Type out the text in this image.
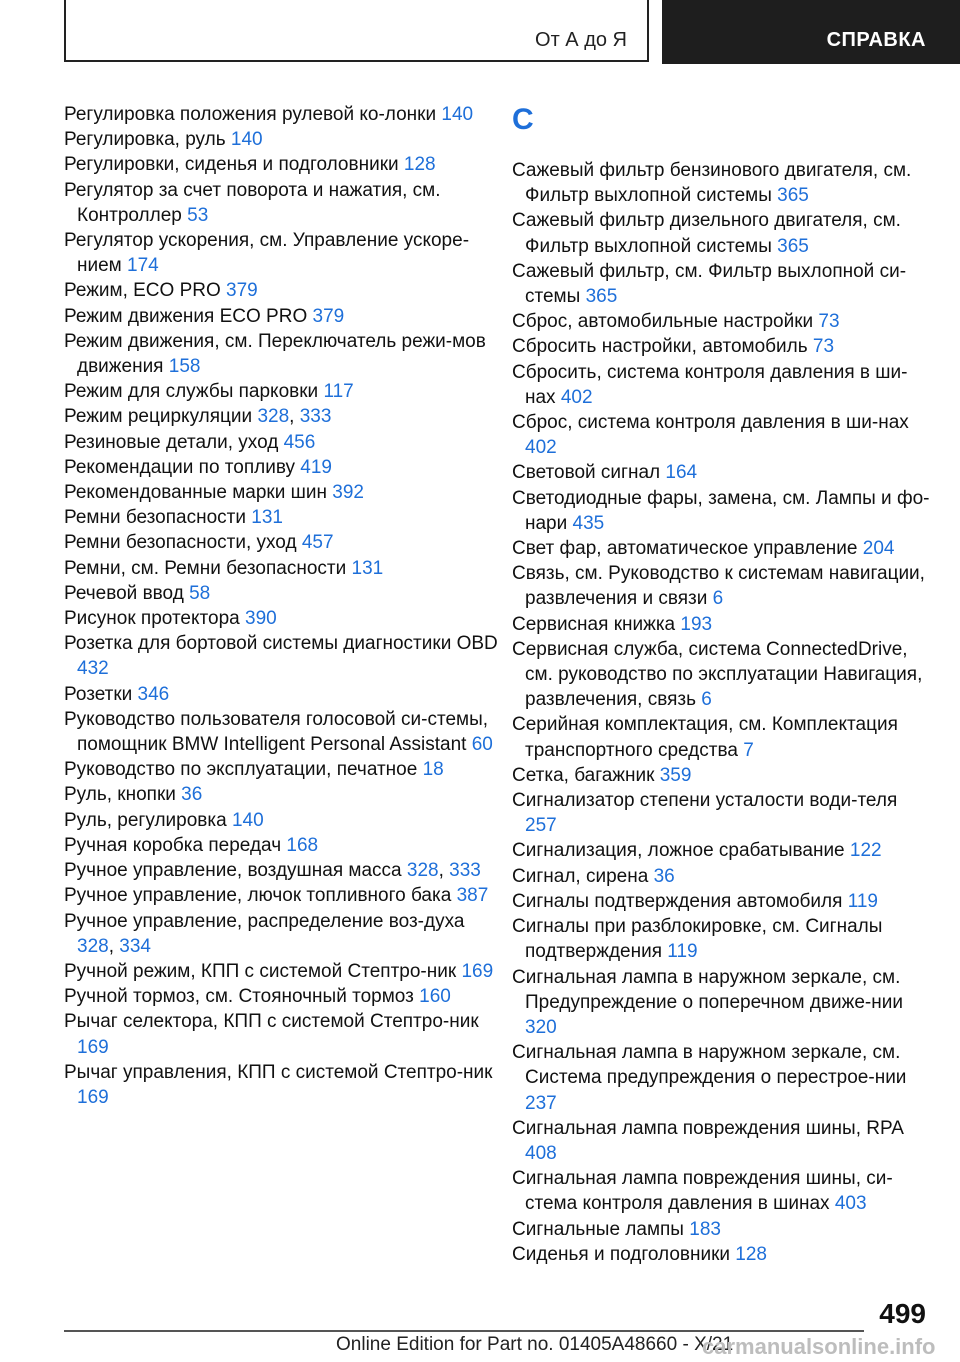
От А до Я	СПРАВКА

Регулировка положения рулевой ко-лонки 140

Регулировка, руль 140

Регулировки, сиденья и подголовники 128

Регулятор за счет поворота и нажатия, см. Контроллер 53

Регулятор ускорения, см. Управление ускоре-нием 174

Режим, ECO PRO 379

Режим движения ECO PRO 379

Режим движения, см. Переключатель режи-мов движения 158

Режим для службы парковки 117

Режим рециркуляции 328, 333

Резиновые детали, уход 456

Рекомендации по топливу 419

Рекомендованные марки шин 392

Ремни безопасности 131

Ремни безопасности, уход 457

Ремни, см. Ремни безопасности 131

Речевой ввод 58

Рисунок протектора 390

Розетка для бортовой системы диагностики OBD 432

Розетки 346

Руководство пользователя голосовой си-стемы, помощник BMW Intelligent Personal Assistant 60

Руководство по эксплуатации, печатное 18

Руль, кнопки 36

Руль, регулировка 140

Ручная коробка передач 168

Ручное управление, воздушная масса 328, 333

Ручное управление, лючок топливного бака 387

Ручное управление, распределение воз-духа 328, 334

Ручной режим, КПП с системой Стептро-ник 169

Ручной тормоз, см. Стояночный тормоз 160

Рычаг селектора, КПП с системой Стептро-ник 169

Рычаг управления, КПП с системой Стептро-ник 169

С

Сажевый фильтр бензинового двигателя, см. Фильтр выхлопной системы 365

Сажевый фильтр дизельного двигателя, см. Фильтр выхлопной системы 365

Сажевый фильтр, см. Фильтр выхлопной си-стемы 365

Сброс, автомобильные настройки 73

Сбросить настройки, автомобиль 73

Сбросить, система контроля давления в ши-нах 402

Сброс, система контроля давления в ши-нах 402

Световой сигнал 164

Светодиодные фары, замена, см. Лампы и фо-нари 435

Свет фар, автоматическое управление 204

Связь, см. Руководство к системам навигации, развлечения и связи 6

Сервисная книжка 193

Сервисная служба, система ConnectedDrive, см. руководство по эксплуатации Навигация, развлечения, связь 6

Серийная комплектация, см. Комплектация транспортного средства 7

Сетка, багажник 359

Сигнализатор степени усталости води-теля 257

Сигнализация, ложное срабатывание 122

Сигнал, сирена 36

Сигналы подтверждения автомобиля 119

Сигналы при разблокировке, см. Сигналы подтверждения 119

Сигнальная лампа в наружном зеркале, см. Предупреждение о поперечном движе-нии 320

Сигнальная лампа в наружном зеркале, см. Система предупреждения о перестрое-нии 237

Сигнальная лампа повреждения шины, RPA 408

Сигнальная лампа повреждения шины, си-стема контроля давления в шинах 403

Сигнальные лампы 183

Сиденья и подголовники 128

499
Online Edition for Part no. 01405A48660 - X/21
carmanualsonline.info
